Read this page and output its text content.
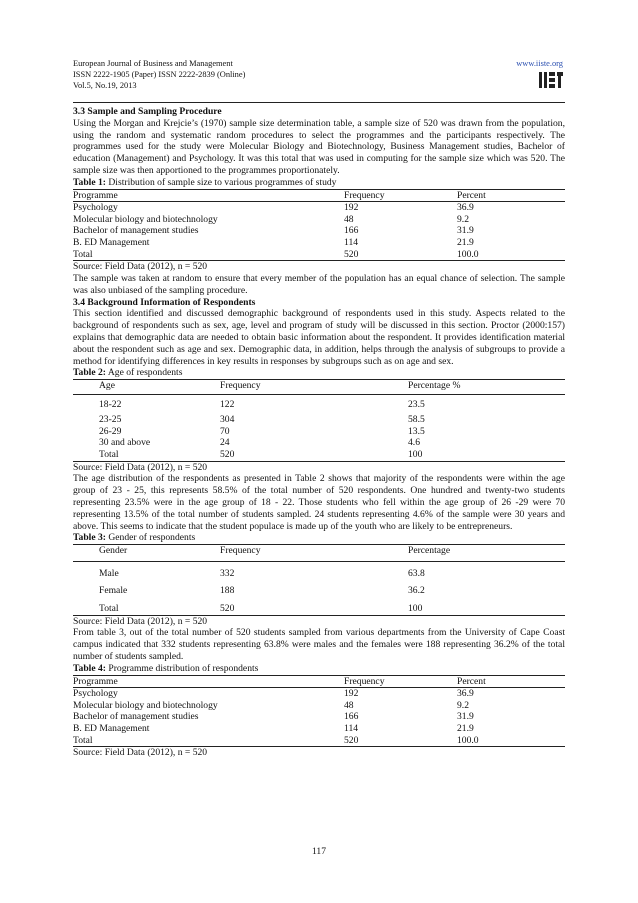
European Journal of Business and Management
ISSN 2222-1905 (Paper) ISSN 2222-2839 (Online)
Vol.5, No.19, 2013
www.iiste.org
3.3 Sample and Sampling Procedure

Using the Morgan and Krejcie’s (1970) sample size determination table, a sample size of 520 was drawn from the population, using the random and systematic random procedures to select the programmes and the participants respectively. The programmes used for the study were Molecular Biology and Biotechnology, Business Management studies, Bachelor of education (Management) and Psychology. It was this total that was used in computing for the sample size which was 520. The sample size was then apportioned to the programmes proportionately.

Table 1: Distribution of sample size to various programmes of study
Programme	Frequency	Percent
Psychology	192	36.9
Molecular biology and biotechnology	48	9.2
Bachelor of management studies	166	31.9
B. ED Management	114	21.9
Total	520	100.0
Source: Field Data (2012), n = 520

The sample was taken at random to ensure that every member of the population has an equal chance of selection. The sample was also unbiased of the sampling procedure.

3.4 Background Information of Respondents

This section identified and discussed demographic background of respondents used in this study. Aspects related to the background of respondents such as sex, age, level and program of study will be discussed in this section. Proctor (2000:157) explains that demographic data are needed to obtain basic information about the respondent. It provides identification material about the respondent such as age and sex. Demographic data, in addition, helps through the analysis of subgroups to provide a method for identifying differences in key results in responses by subgroups such as on age and sex.

Table 2: Age of respondents
Age	Frequency	Percentage %
18-22	122	23.5
23-25	304	58.5
26-29	70	13.5
30 and above	24	4.6
Total	520	100
Source: Field Data (2012), n = 520

The age distribution of the respondents as presented in Table 2 shows that majority of the respondents were within the age group of 23 - 25, this represents 58.5% of the total number of 520 respondents. One hundred and twenty-two students representing 23.5% were in the age group of 18 - 22. Those students who fell within the age group of 26 -29 were 70 representing 13.5% of the total number of students sampled. 24 students representing 4.6% of the sample were 30 years and above. This seems to indicate that the student populace is made up of the youth who are likely to be entrepreneurs.

Table 3: Gender of respondents
Gender	Frequency	Percentage
Male	332	63.8
Female	188	36.2
Total	520	100
Source: Field Data (2012), n = 520

From table 3, out of the total number of 520 students sampled from various departments from the University of Cape Coast campus indicated that 332 students representing 63.8% were males and the females were 188 representing 36.2% of the total number of students sampled.

Table 4: Programme distribution of respondents
Programme	Frequency	Percent
Psychology	192	36.9
Molecular biology and biotechnology	48	9.2
Bachelor of management studies	166	31.9
B. ED Management	114	21.9
Total	520	100.0
Source: Field Data (2012), n = 520
117
